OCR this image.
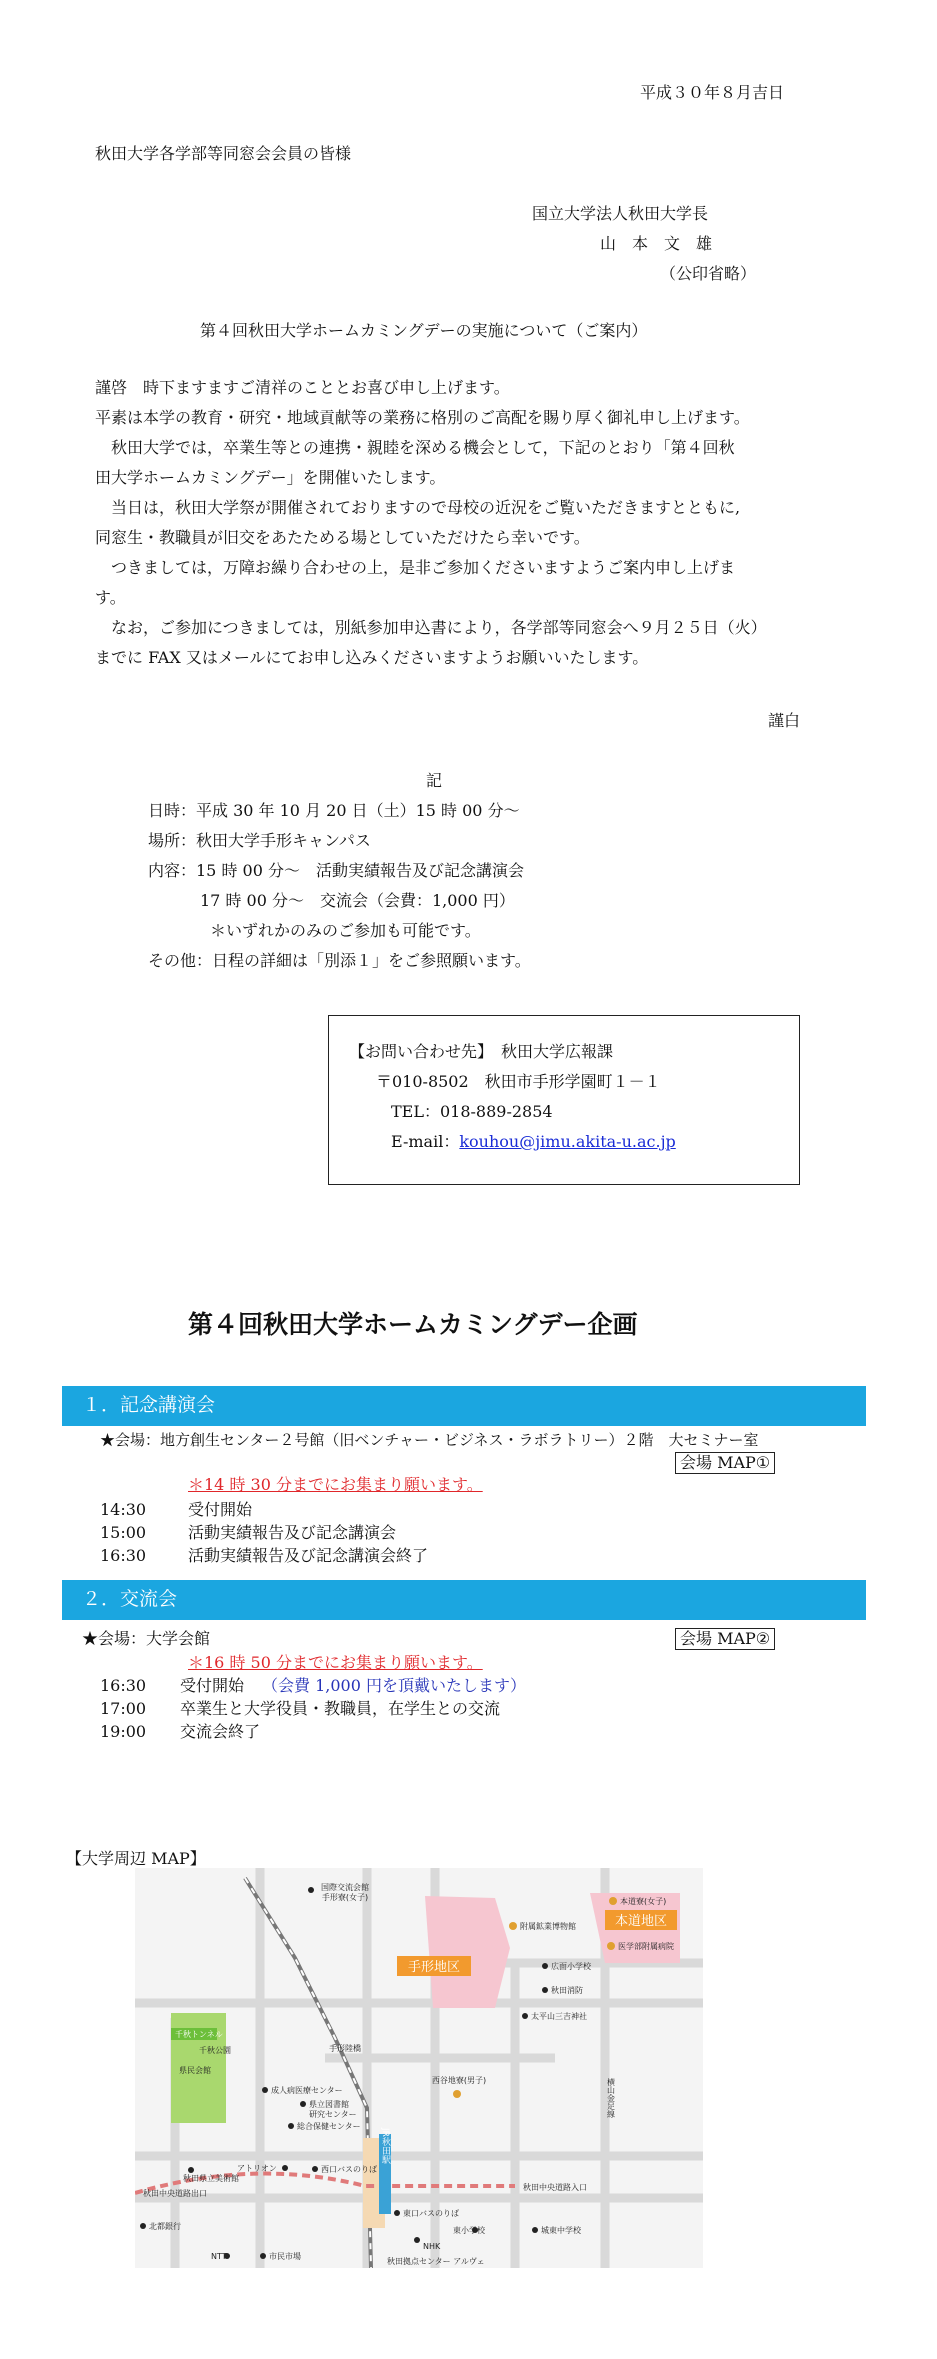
平成３０年８月吉日
秋田大学各学部等同窓会会員の皆様
国立大学法人秋田大学長
山　本　文　雄
（公印省略）
第４回秋田大学ホームカミングデーの実施について（ご案内）

謹啓　時下ますますご清祥のこととお喜び申し上げます。

平素は本学の教育・研究・地域貢献等の業務に格別のご高配を賜り厚く御礼申し上げます。

　秋田大学では，卒業生等との連携・親睦を深める機会として，下記のとおり「第４回秋

田大学ホームカミングデー」を開催いたします。

　当日は，秋田大学祭が開催されておりますので母校の近況をご覧いただきますとともに,

同窓生・教職員が旧交をあたためる場としていただけたら幸いです。

　つきましては，万障お繰り合わせの上，是非ご参加くださいますようご案内申し上げま

す。

　なお，ご参加につきましては，別紙参加申込書により，各学部等同窓会へ９月２５日（火）

までに FAX 又はメールにてお申し込みくださいますようお願いいたします。

謹白
記
日時：平成 30 年 10 月 20 日（土）15 時 00 分～
場所：秋田大学手形キャンパス
内容：15 時 00 分～　活動実績報告及び記念講演会
17 時 00 分～　交流会（会費：1,000 円）
＊いずれかのみのご参加も可能です。
その他：日程の詳細は「別添１」をご参照願います。
【お問い合わせ先】　秋田大学広報課
〒010-8502　秋田市手形学園町１－１
TEL：018-889-2854
E-mail：kouhou@jimu.akita-u.ac.jp
第４回秋田大学ホームカミングデー企画
１．記念講演会
★会場：地方創生センター２号館（旧ベンチャー・ビジネス・ラボラトリー）２階　大セミナー室
会場 MAP①
＊14 時 30 分までにお集まり願います。
14:30	受付開始
15:00	活動実績報告及び記念講演会
16:30	活動実績報告及び記念講演会終了
２．交流会
★会場：大学会館	会場 MAP②
＊16 時 50 分までにお集まり願います。
16:30 受付開始 （会費 1,000 円を頂戴いたします）
17:00 卒業生と大学役員・教職員，在学生との交流
19:00 交流会終了
【大学周辺 MAP】
手形地区
本道地区
国際交流会館
手形寮(女子)
附属鉱業博物館
本道寮(女子)
医学部附属病院
広面小学校
秋田消防
太平山三吉神社
千秋公園
千秋トンネル
県民会館
手形陸橋
成人病医療センター
県立図書館
研究センター
総合保健センター
西谷地寮(男子)
JR秋田駅
西口バスのりば
東口バスのりば
アトリオン
秋田県立美術館
秋田中央道路出口
秋田中央道路入口
北都銀行
NTT	市民市場
NHK
東小学校	城東中学校
秋田拠点センター アルヴェ
横山金足線
